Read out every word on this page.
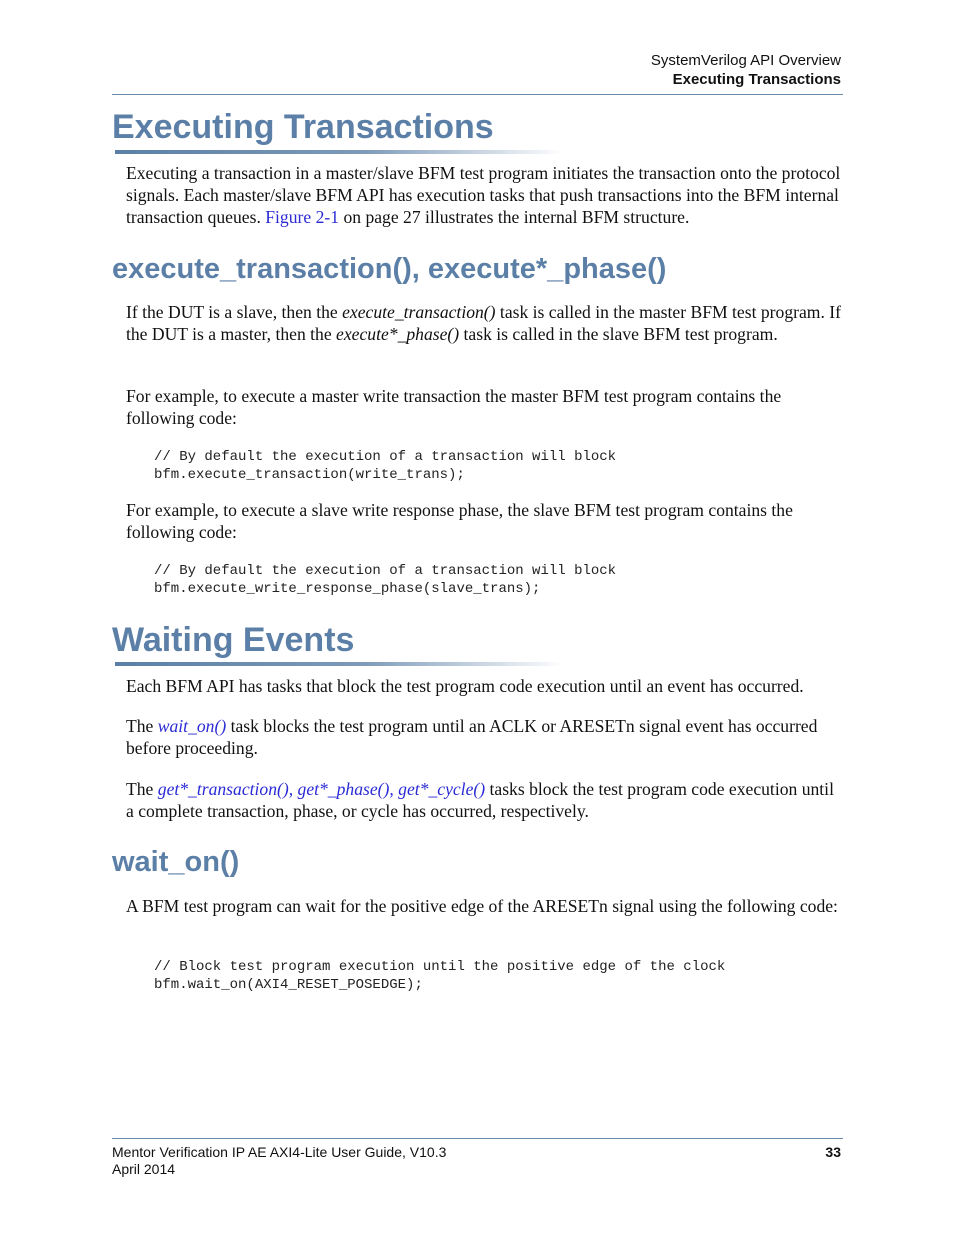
SystemVerilog API Overview
Executing Transactions
Executing Transactions

Executing a transaction in a master/slave BFM test program initiates the transaction onto the protocol signals. Each master/slave BFM API has execution tasks that push transactions into the BFM internal transaction queues. Figure 2-1 on page 27 illustrates the internal BFM structure.

execute_transaction(), execute*_phase()

If the DUT is a slave, then the execute_transaction() task is called in the master BFM test program. If the DUT is a master, then the execute*_phase() task is called in the slave BFM test program.

For example, to execute a master write transaction the master BFM test program contains the following code:

// By default the execution of a transaction will block
bfm.execute_transaction(write_trans);

For example, to execute a slave write response phase, the slave BFM test program contains the following code:

// By default the execution of a transaction will block
bfm.execute_write_response_phase(slave_trans);
Waiting Events

Each BFM API has tasks that block the test program code execution until an event has occurred.

The wait_on() task blocks the test program until an ACLK or ARESETn signal event has occurred before proceeding.

The get*_transaction(), get*_phase(), get*_cycle() tasks block the test program code execution until a complete transaction, phase, or cycle has occurred, respectively.

wait_on()

A BFM test program can wait for the positive edge of the ARESETn signal using the following code:

// Block test program execution until the positive edge of the clock
bfm.wait_on(AXI4_RESET_POSEDGE);
Mentor Verification IP AE AXI4-Lite User Guide, V10.3
April 2014
33
